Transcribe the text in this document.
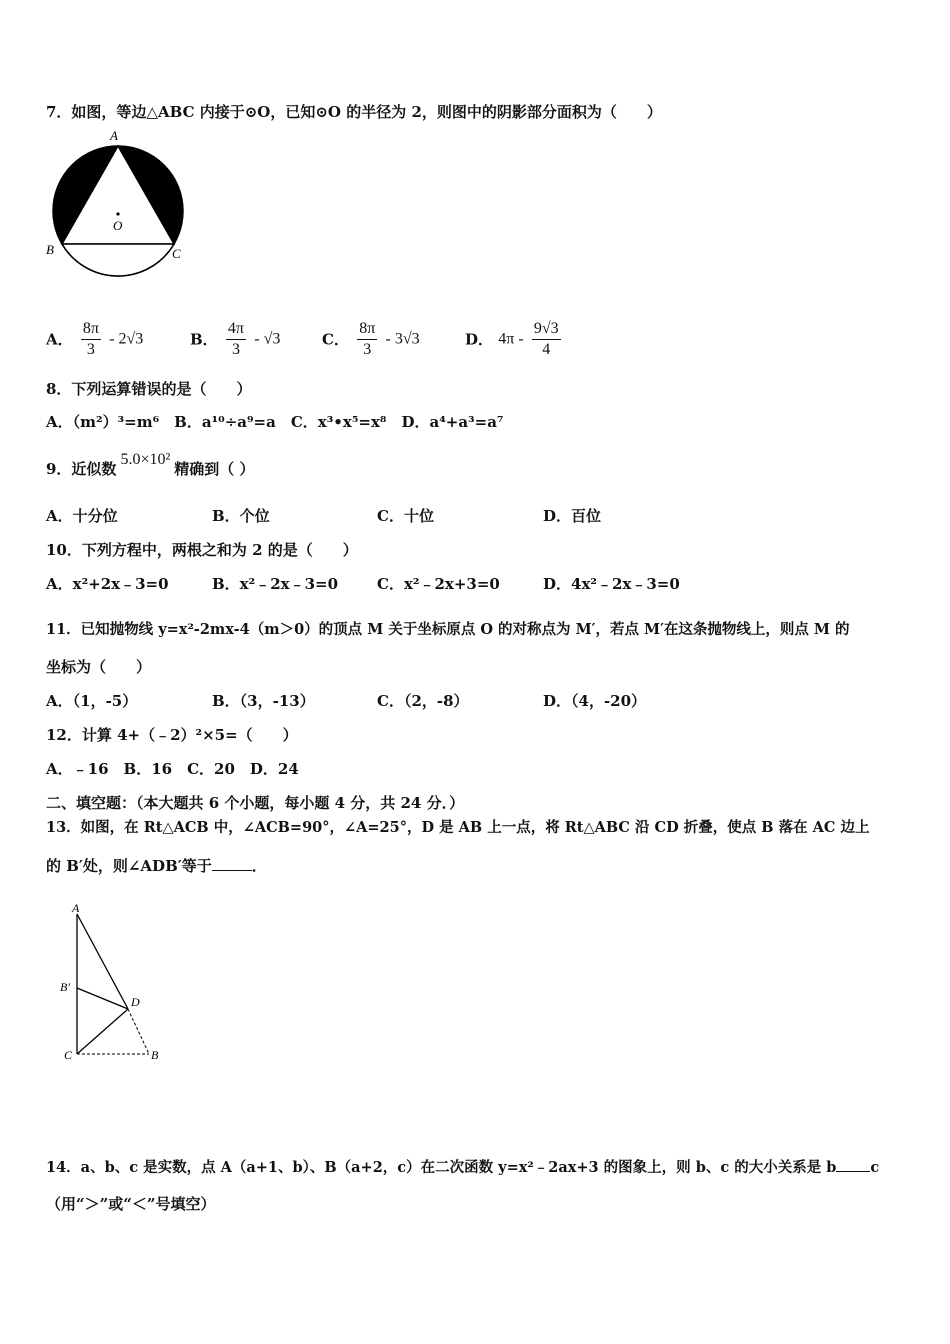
7．如图，等边△ABC 内接于⊙O，已知⊙O 的半径为 2，则图中的阴影部分面积为（　　）
A
B	C
O
A． $\frac{8\pi}{3} - 2√3$	B． $\frac{4\pi}{3} - √3$	C． $\frac{8\pi}{3} - 3√3$	D． $4\pi - \frac{9√3}{4}$
8．下列运算错误的是（　　）
A．（m²）³=m⁶　B．a¹⁰÷a⁹=a　C．x³•x⁵=x⁸　D．a⁴+a³=a⁷
9．近似数5.0×10²精确到（ ）
A．十分位	B．个位	C．十位	D．百位
10．下列方程中，两根之和为 2 的是（　　）
A．x²+2x﹣3=0	B．x²﹣2x﹣3=0	C．x²﹣2x+3=0	D．4x²﹣2x﹣3=0
11．已知抛物线 y=x²-2mx-4（m＞0）的顶点 M 关于坐标原点 O 的对称点为 M′，若点 M′在这条抛物线上，则点 M 的
坐标为（　　）
A．（1，-5）	B．（3，-13）	C．（2，-8）	D．（4，-20）
12．计算 4+（﹣2）²×5=（　　）
A．﹣16　B．16　C．20　D．24
二、填空题：（本大题共 6 个小题，每小题 4 分，共 24 分．）
13．如图，在 Rt△ACB 中，∠ACB=90°，∠A=25°，D 是 AB 上一点，将 Rt△ABC 沿 CD 折叠，使点 B 落在 AC 边上
的 B′处，则∠ADB′等于	．
A
B′
C
D
B
14．a、b、c 是实数，点 A（a+1、b）、B（a+2，c）在二次函数 y=x²﹣2ax+3 的图象上，则 b、c 的大小关系是 b c
（用“＞”或“＜”号填空）
